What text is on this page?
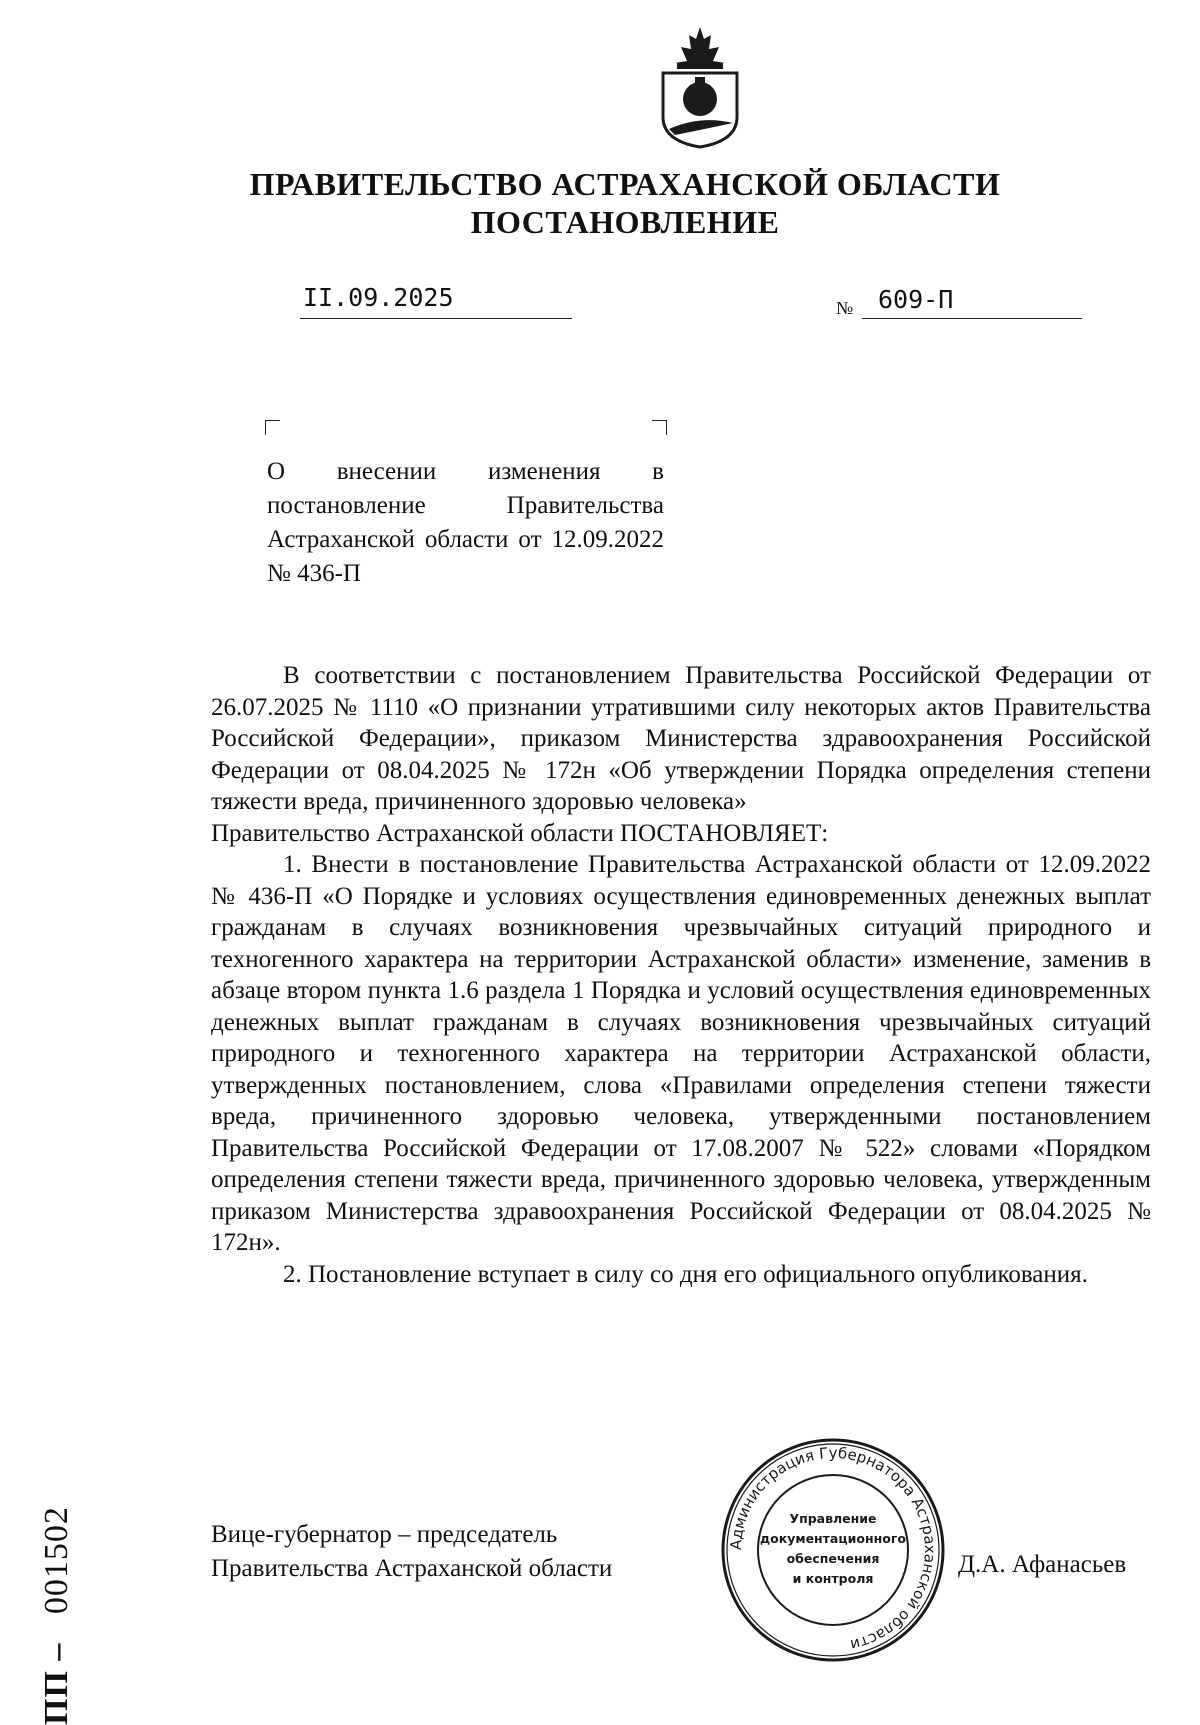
ПРАВИТЕЛЬСТВО АСТРАХАНСКОЙ ОБЛАСТИ
ПОСТАНОВЛЕНИЕ
II.09.2025	№ 609-П
О внесении изменения в постановление Правительства Астраханской области от 12.09.2022 № 436-П

В соответствии с постановлением Правительства Российской Федерации от 26.07.2025 № 1110 «О признании утратившими силу некоторых актов Правительства Российской Федерации», приказом Министерства здравоохранения Российской Федерации от 08.04.2025 № 172н «Об утверждении Порядка определения степени тяжести вреда, причиненного здоровью человека»

Правительство Астраханской области ПОСТАНОВЛЯЕТ:

1. Внести в постановление Правительства Астраханской области от 12.09.2022 № 436-П «О Порядке и условиях осуществления единовременных денежных выплат гражданам в случаях возникновения чрезвычайных ситуаций природного и техногенного характера на территории Астраханской области» изменение, заменив в абзаце втором пункта 1.6 раздела 1 Порядка и условий осуществления единовременных денежных выплат гражданам в случаях возникновения чрезвычайных ситуаций природного и техногенного характера на территории Астраханской области, утвержденных постановлением, слова «Правилами определения степени тяжести вреда, причиненного здоровью человека, утвержденными постановлением Правительства Российской Федерации от 17.08.2007 № 522» словами «Порядком определения степени тяжести вреда, причиненного здоровью человека, утвержденным приказом Министерства здравоохранения Российской Федерации от 08.04.2025 № 172н».

2. Постановление вступает в силу со дня его официального опубликования.

Вице-губернатор – председатель
Правительства Астраханской области	Д.А. Афанасьев
Администрация Губернатора Астраханской области
Управление
документационного
обеспечения
и контроля
ПП –   001502
